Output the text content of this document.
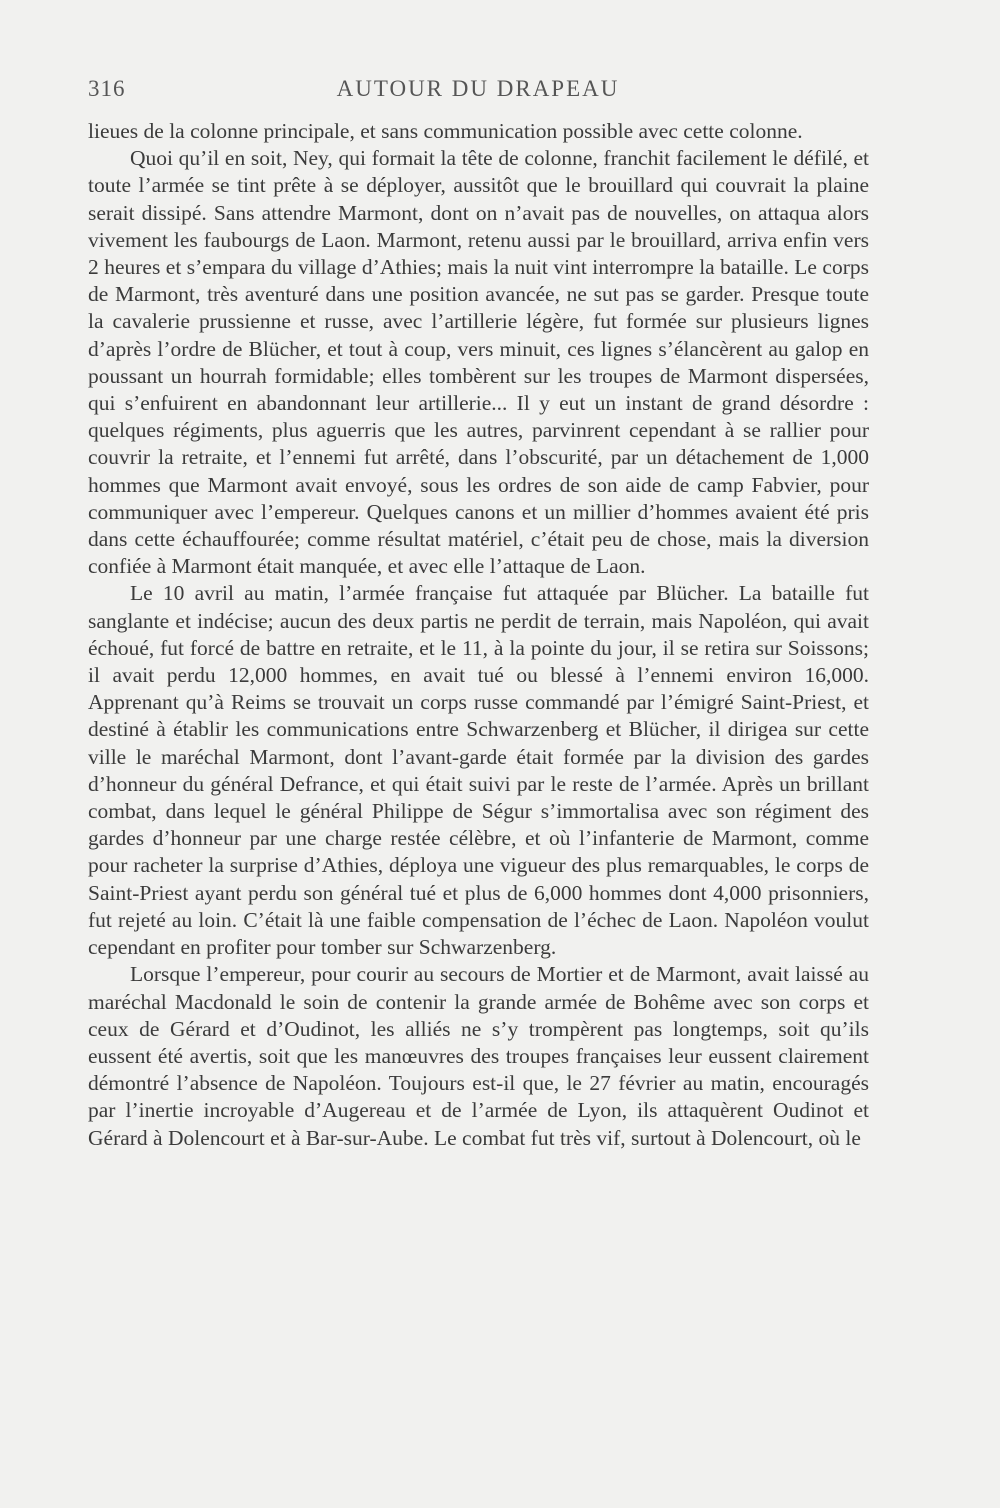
316	AUTOUR DU DRAPEAU

lieues de la colonne principale, et sans communication possible avec cette colonne.

Quoi qu’il en soit, Ney, qui formait la tête de colonne, franchit facilement le défilé, et toute l’armée se tint prête à se déployer, aussitôt que le brouillard qui couvrait la plaine serait dissipé. Sans attendre Marmont, dont on n’avait pas de nouvelles, on attaqua alors vivement les faubourgs de Laon. Marmont, retenu aussi par le brouillard, arriva enfin vers 2 heures et s’empara du village d’Athies; mais la nuit vint interrompre la bataille. Le corps de Marmont, très aventuré dans une position avancée, ne sut pas se garder. Presque toute la cavalerie prussienne et russe, avec l’artillerie légère, fut formée sur plusieurs lignes d’après l’ordre de Blücher, et tout à coup, vers minuit, ces lignes s’élancèrent au galop en poussant un hourrah formidable; elles tombèrent sur les troupes de Marmont dispersées, qui s’enfuirent en abandonnant leur artillerie... Il y eut un instant de grand désordre : quelques régiments, plus aguerris que les autres, parvinrent cependant à se rallier pour couvrir la retraite, et l’ennemi fut arrêté, dans l’obscurité, par un détachement de 1,000 hommes que Marmont avait envoyé, sous les ordres de son aide de camp Fabvier, pour communiquer avec l’empereur. Quelques canons et un millier d’hommes avaient été pris dans cette échauffourée; comme résultat matériel, c’était peu de chose, mais la diversion confiée à Marmont était manquée, et avec elle l’attaque de Laon.

Le 10 avril au matin, l’armée française fut attaquée par Blücher. La bataille fut sanglante et indécise; aucun des deux partis ne perdit de terrain, mais Napoléon, qui avait échoué, fut forcé de battre en retraite, et le 11, à la pointe du jour, il se retira sur Soissons; il avait perdu 12,000 hommes, en avait tué ou blessé à l’ennemi environ 16,000. Apprenant qu’à Reims se trouvait un corps russe commandé par l’émigré Saint-Priest, et destiné à établir les communications entre Schwarzenberg et Blücher, il dirigea sur cette ville le maréchal Marmont, dont l’avant-garde était formée par la division des gardes d’honneur du général Defrance, et qui était suivi par le reste de l’armée. Après un brillant combat, dans lequel le général Philippe de Ségur s’immortalisa avec son régiment des gardes d’honneur par une charge restée célèbre, et où l’infanterie de Marmont, comme pour racheter la surprise d’Athies, déploya une vigueur des plus remarquables, le corps de Saint-Priest ayant perdu son général tué et plus de 6,000 hommes dont 4,000 prisonniers, fut rejeté au loin. C’était là une faible compensation de l’échec de Laon. Napoléon voulut cependant en profiter pour tomber sur Schwarzenberg.

Lorsque l’empereur, pour courir au secours de Mortier et de Marmont, avait laissé au maréchal Macdonald le soin de contenir la grande armée de Bohême avec son corps et ceux de Gérard et d’Oudinot, les alliés ne s’y trompèrent pas longtemps, soit qu’ils eussent été avertis, soit que les manœuvres des troupes françaises leur eussent clairement démontré l’absence de Napoléon. Toujours est-il que, le 27 février au matin, encouragés par l’inertie incroyable d’Augereau et de l’armée de Lyon, ils attaquèrent Oudinot et Gérard à Dolencourt et à Bar-sur-Aube. Le combat fut très vif, surtout à Dolencourt, où le
